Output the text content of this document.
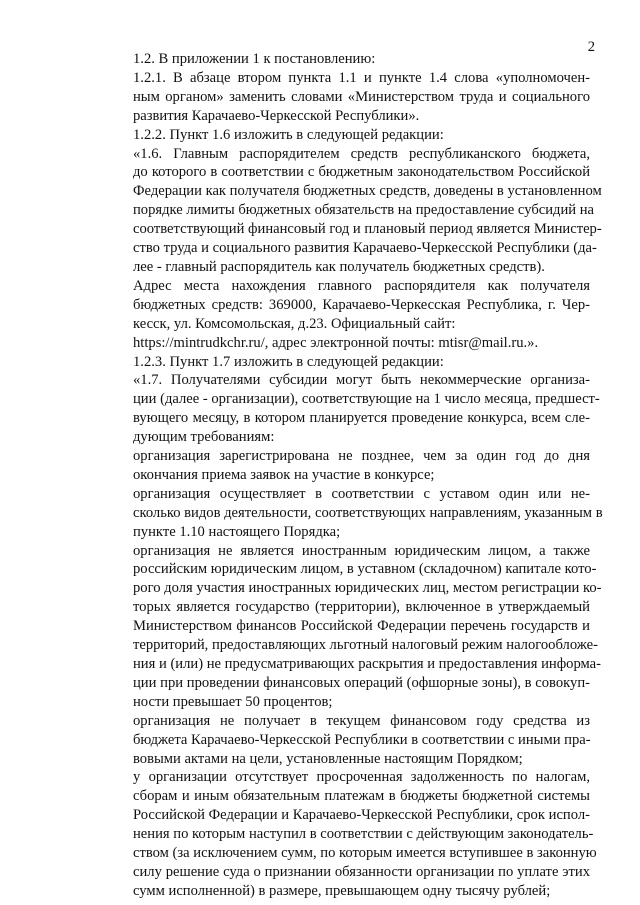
2
1.2. В приложении 1 к постановлению:
1.2.1. В абзаце втором пункта 1.1 и пункте 1.4 слова «уполномочен-
ным органом» заменить словами «Министерством труда и социального
развития Карачаево-Черкесской Республики».
1.2.2. Пункт 1.6 изложить в следующей редакции:
«1.6. Главным распорядителем средств республиканского бюджета,
до которого в соответствии с бюджетным законодательством Российской
Федерации как получателя бюджетных средств, доведены в установленном
порядке лимиты бюджетных обязательств на предоставление субсидий на
соответствующий финансовый год и плановый период является Министер-
ство труда и социального развития Карачаево-Черкесской Республики (да-
лее - главный распорядитель как получатель бюджетных средств).
Адрес места нахождения главного распорядителя как получателя
бюджетных средств: 369000, Карачаево-Черкесская Республика, г. Чер-
кесск, ул. Комсомольская, д.23. Официальный сайт:
https://mintrudkchr.ru/, адрес электронной почты: mtisr@mail.ru.».
1.2.3. Пункт 1.7 изложить в следующей редакции:
«1.7. Получателями субсидии могут быть некоммерческие организа-
ции (далее - организации), соответствующие на 1 число месяца, предшест-
вующего месяцу, в котором планируется проведение конкурса, всем сле-
дующим требованиям:
организация зарегистрирована не позднее, чем за один год до дня
окончания приема заявок на участие в конкурсе;
организация осуществляет в соответствии с уставом один или не-
сколько видов деятельности, соответствующих направлениям, указанным в
пункте 1.10 настоящего Порядка;
организация не является иностранным юридическим лицом, а также
российским юридическим лицом, в уставном (складочном) капитале кото-
рого доля участия иностранных юридических лиц, местом регистрации ко-
торых является государство (территории), включенное в утверждаемый
Министерством финансов Российской Федерации перечень государств и
территорий, предоставляющих льготный налоговый режим налогообложе-
ния и (или) не предусматривающих раскрытия и предоставления информа-
ции при проведении финансовых операций (офшорные зоны), в совокуп-
ности превышает 50 процентов;
организация не получает в текущем финансовом году средства из
бюджета Карачаево-Черкесской Республики в соответствии с иными пра-
вовыми актами на цели, установленные настоящим Порядком;
у организации отсутствует просроченная задолженность по налогам,
сборам и иным обязательным платежам в бюджеты бюджетной системы
Российской Федерации и Карачаево-Черкесской Республики, срок испол-
нения по которым наступил в соответствии с действующим законодатель-
ством (за исключением сумм, по которым имеется вступившее в законную
силу решение суда о признании обязанности организации по уплате этих
сумм исполненной) в размере, превышающем одну тысячу рублей;
